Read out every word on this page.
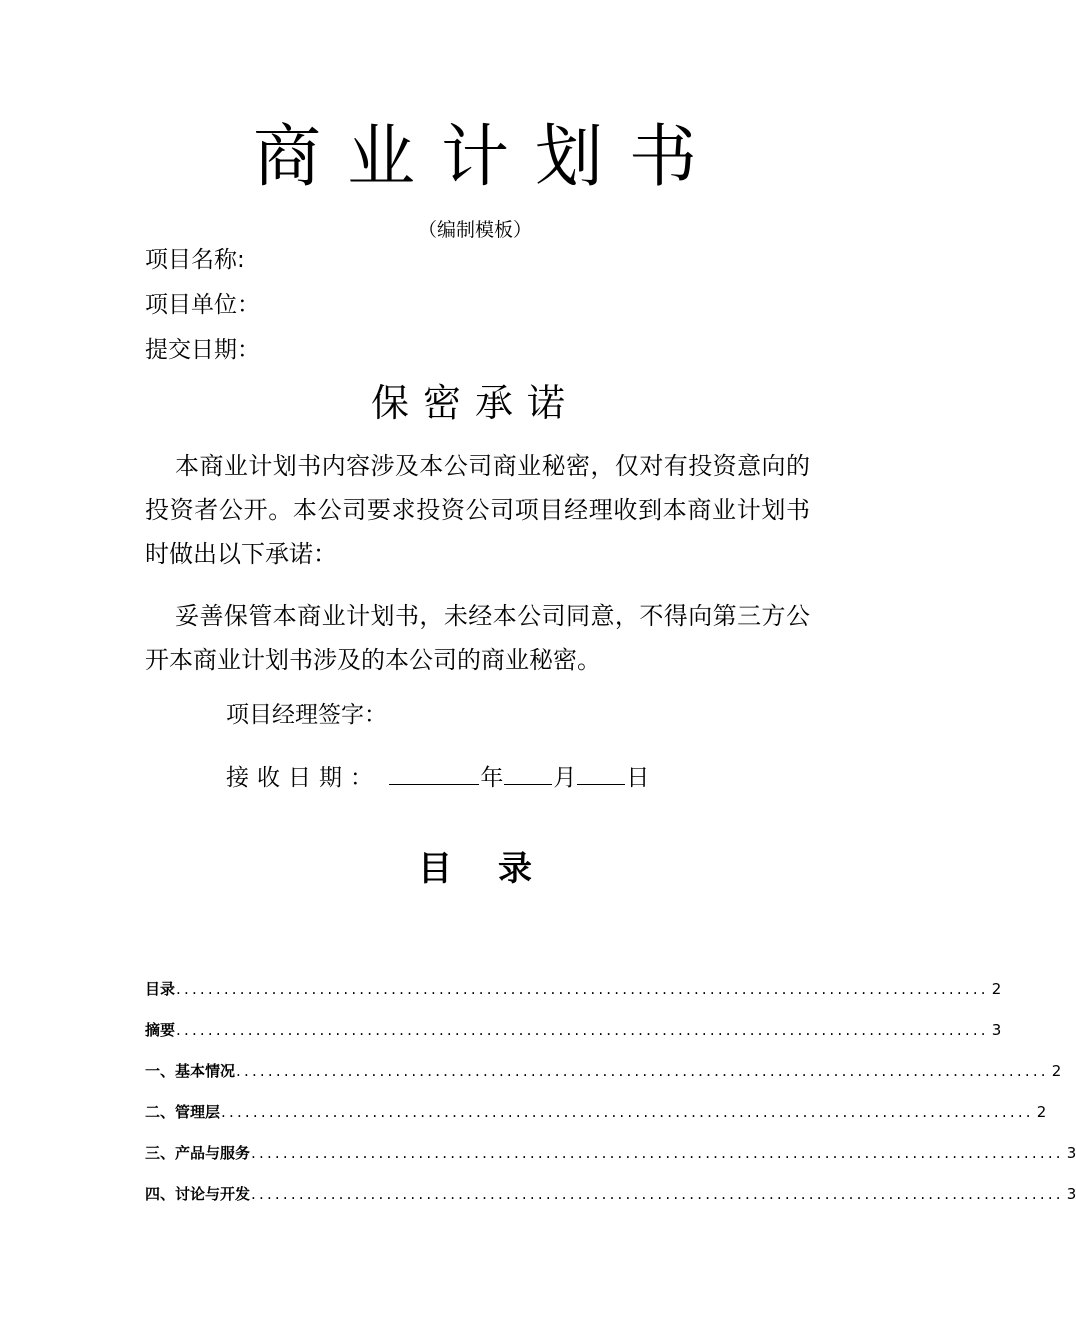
商业计划书
（编制模板）
项目名称:
项目单位：
提交日期：
保密承诺
本商业计划书内容涉及本公司商业秘密，仅对有投资意向的投资者公开。本公司要求投资公司项目经理收到本商业计划书时做出以下承诺：
妥善保管本商业计划书，未经本公司同意，不得向第三方公开本商业计划书涉及的本公司的商业秘密。
项目经理签字：
接收日期：	年 月 日
目录
目录 ...................................................................................................... 2
摘要 ...................................................................................................... 3
一、基本情况 ...................................................................................................... 2
二、管理层 ...................................................................................................... 2
三、产品与服务 ...................................................................................................... 3
四、讨论与开发 ...................................................................................................... 3
